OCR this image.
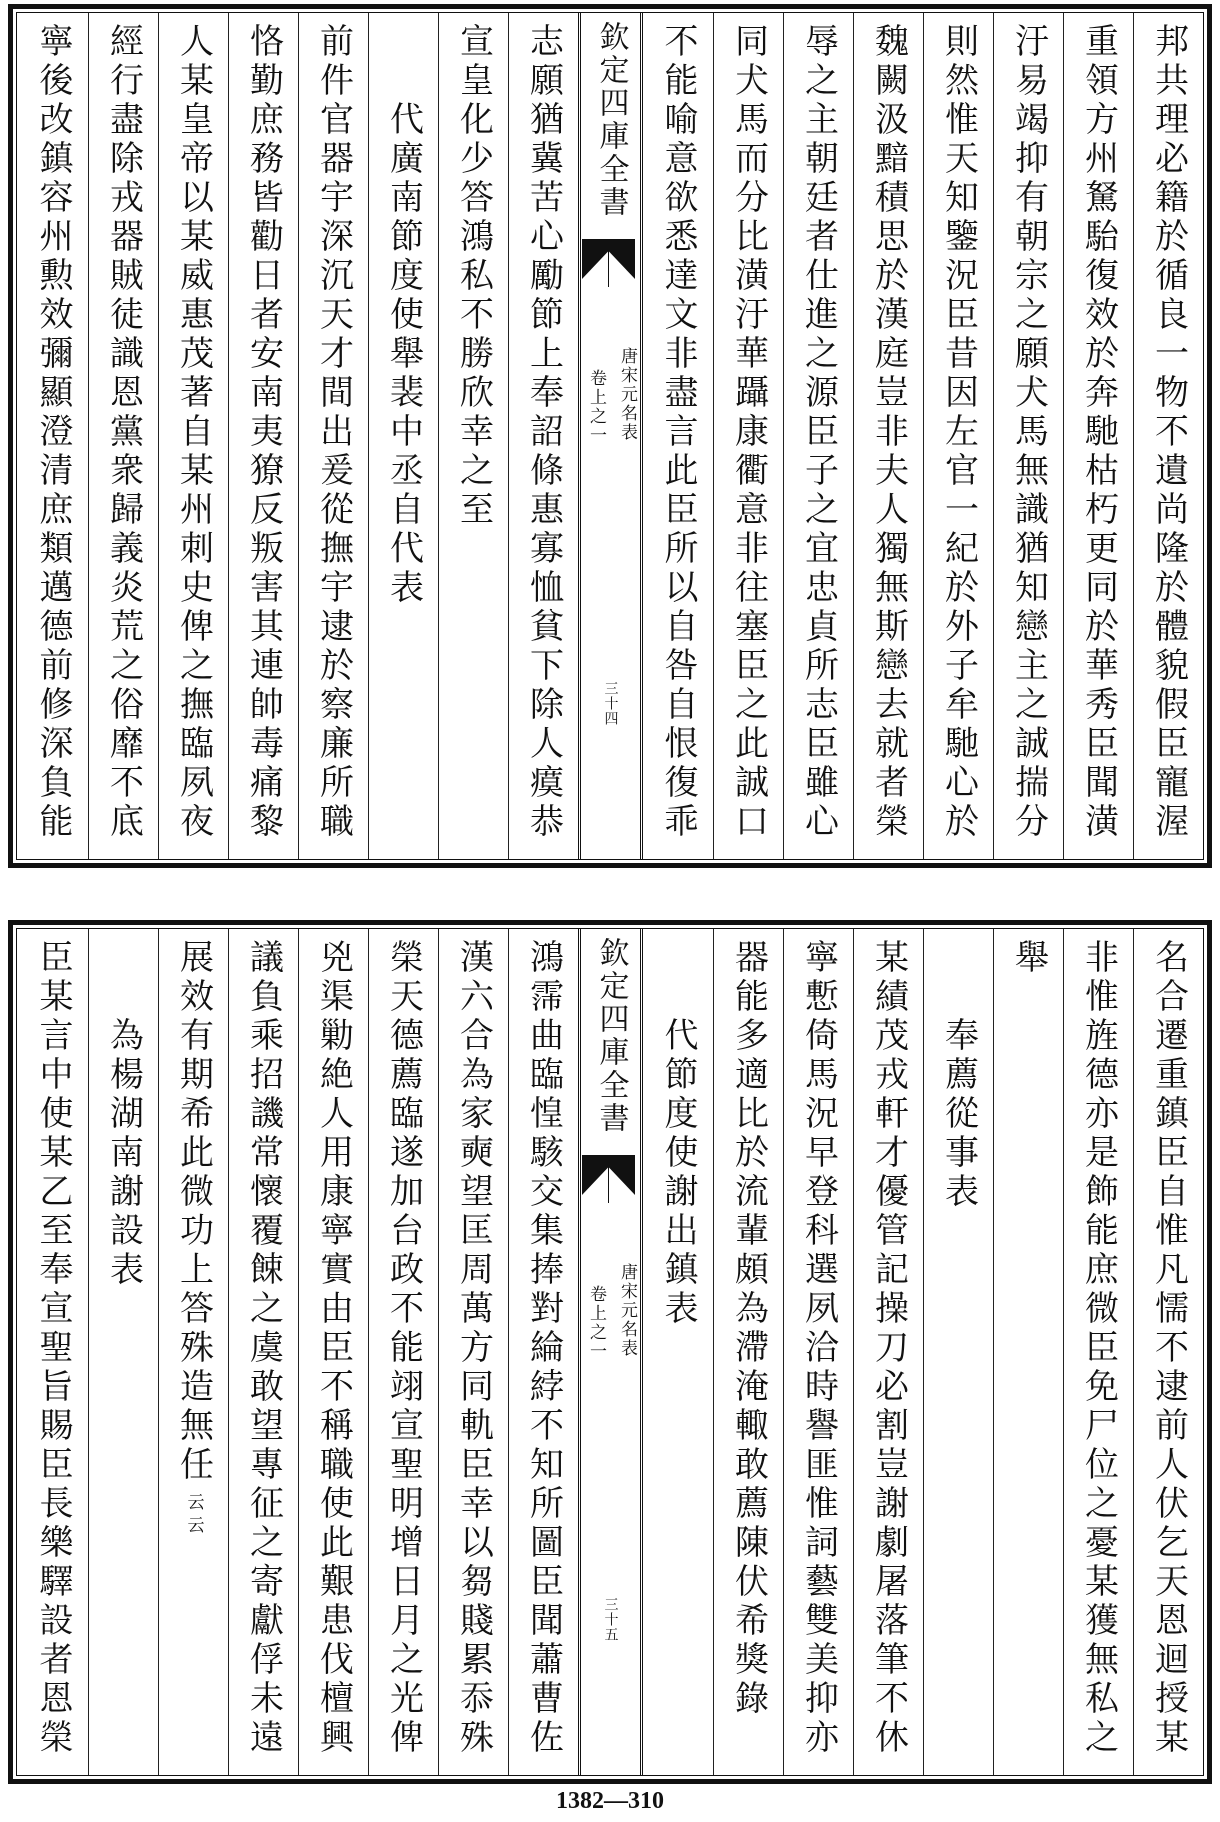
邦共理必籍於循良一物不遺尚隆於體貌假臣寵渥
重領方州駑駘復效於奔馳枯朽更同於華秀臣聞潢
汙易竭抑有朝宗之願犬馬無識猶知戀主之誠揣分
則然惟天知鑒況臣昔因左官一紀於外子牟馳心於
魏闕汲黯積思於漢庭豈非夫人獨無斯戀去就者榮
辱之主朝廷者仕進之源臣子之宜忠貞所志臣雖心
同犬馬而分比潢汙華躡康衢意非往塞臣之此誠口
不能喻意欲悉達文非盡言此臣所以自咎自恨復乖
欽定四庫全書
唐宋元名表
卷上之一
三十四
志願猶冀苦心勵節上奉詔條惠寡恤貧下除人瘼恭
宣皇化少答鴻私不勝欣幸之至
代廣南節度使舉裴中丞自代表
前件官器宇深沉天才間出爰從撫宇逮於察廉所職
恪勤庶務皆勸日者安南夷獠反叛害其連帥毒痛黎
人某皇帝以某威惠茂著自某州刺史俾之撫臨夙夜
經行盡除戎器賊徒識恩黨衆歸義炎荒之俗靡不底
寧後改鎮容州勲效彌顯澄清庶類邁德前修深負能
名合遷重鎮臣自惟凡懦不逮前人伏乞天恩迴授某
非惟旌德亦是飾能庶微臣免尸位之憂某獲無私之
舉
奉薦從事表
某績茂戎軒才優管記操刀必割豈謝劇屠落筆不休
寧慙倚馬況早登科選夙洽時譽匪惟詞藝雙美抑亦
器能多適比於流輩頗為滯淹輙敢薦陳伏希獎錄
代節度使謝出鎮表
欽定四庫全書
唐宋元名表
卷上之一
三十五
鴻霈曲臨惶駭交集捧對綸綍不知所圖臣聞蕭曹佐
漢六合為家奭望匡周萬方同軌臣幸以芻賤累忝殊
榮天德薦臨遂加台政不能翊宣聖明增日月之光俾
兇渠勦絶人用康寧實由臣不稱職使此艱患伐檀興
議負乘招譏常懷覆餗之虞敢望專征之寄獻俘未遠
展效有期希此微功上答殊造無任云云
為楊湖南謝設表
臣某言中使某乙至奉宣聖旨賜臣長樂驛設者恩榮
1382—310
